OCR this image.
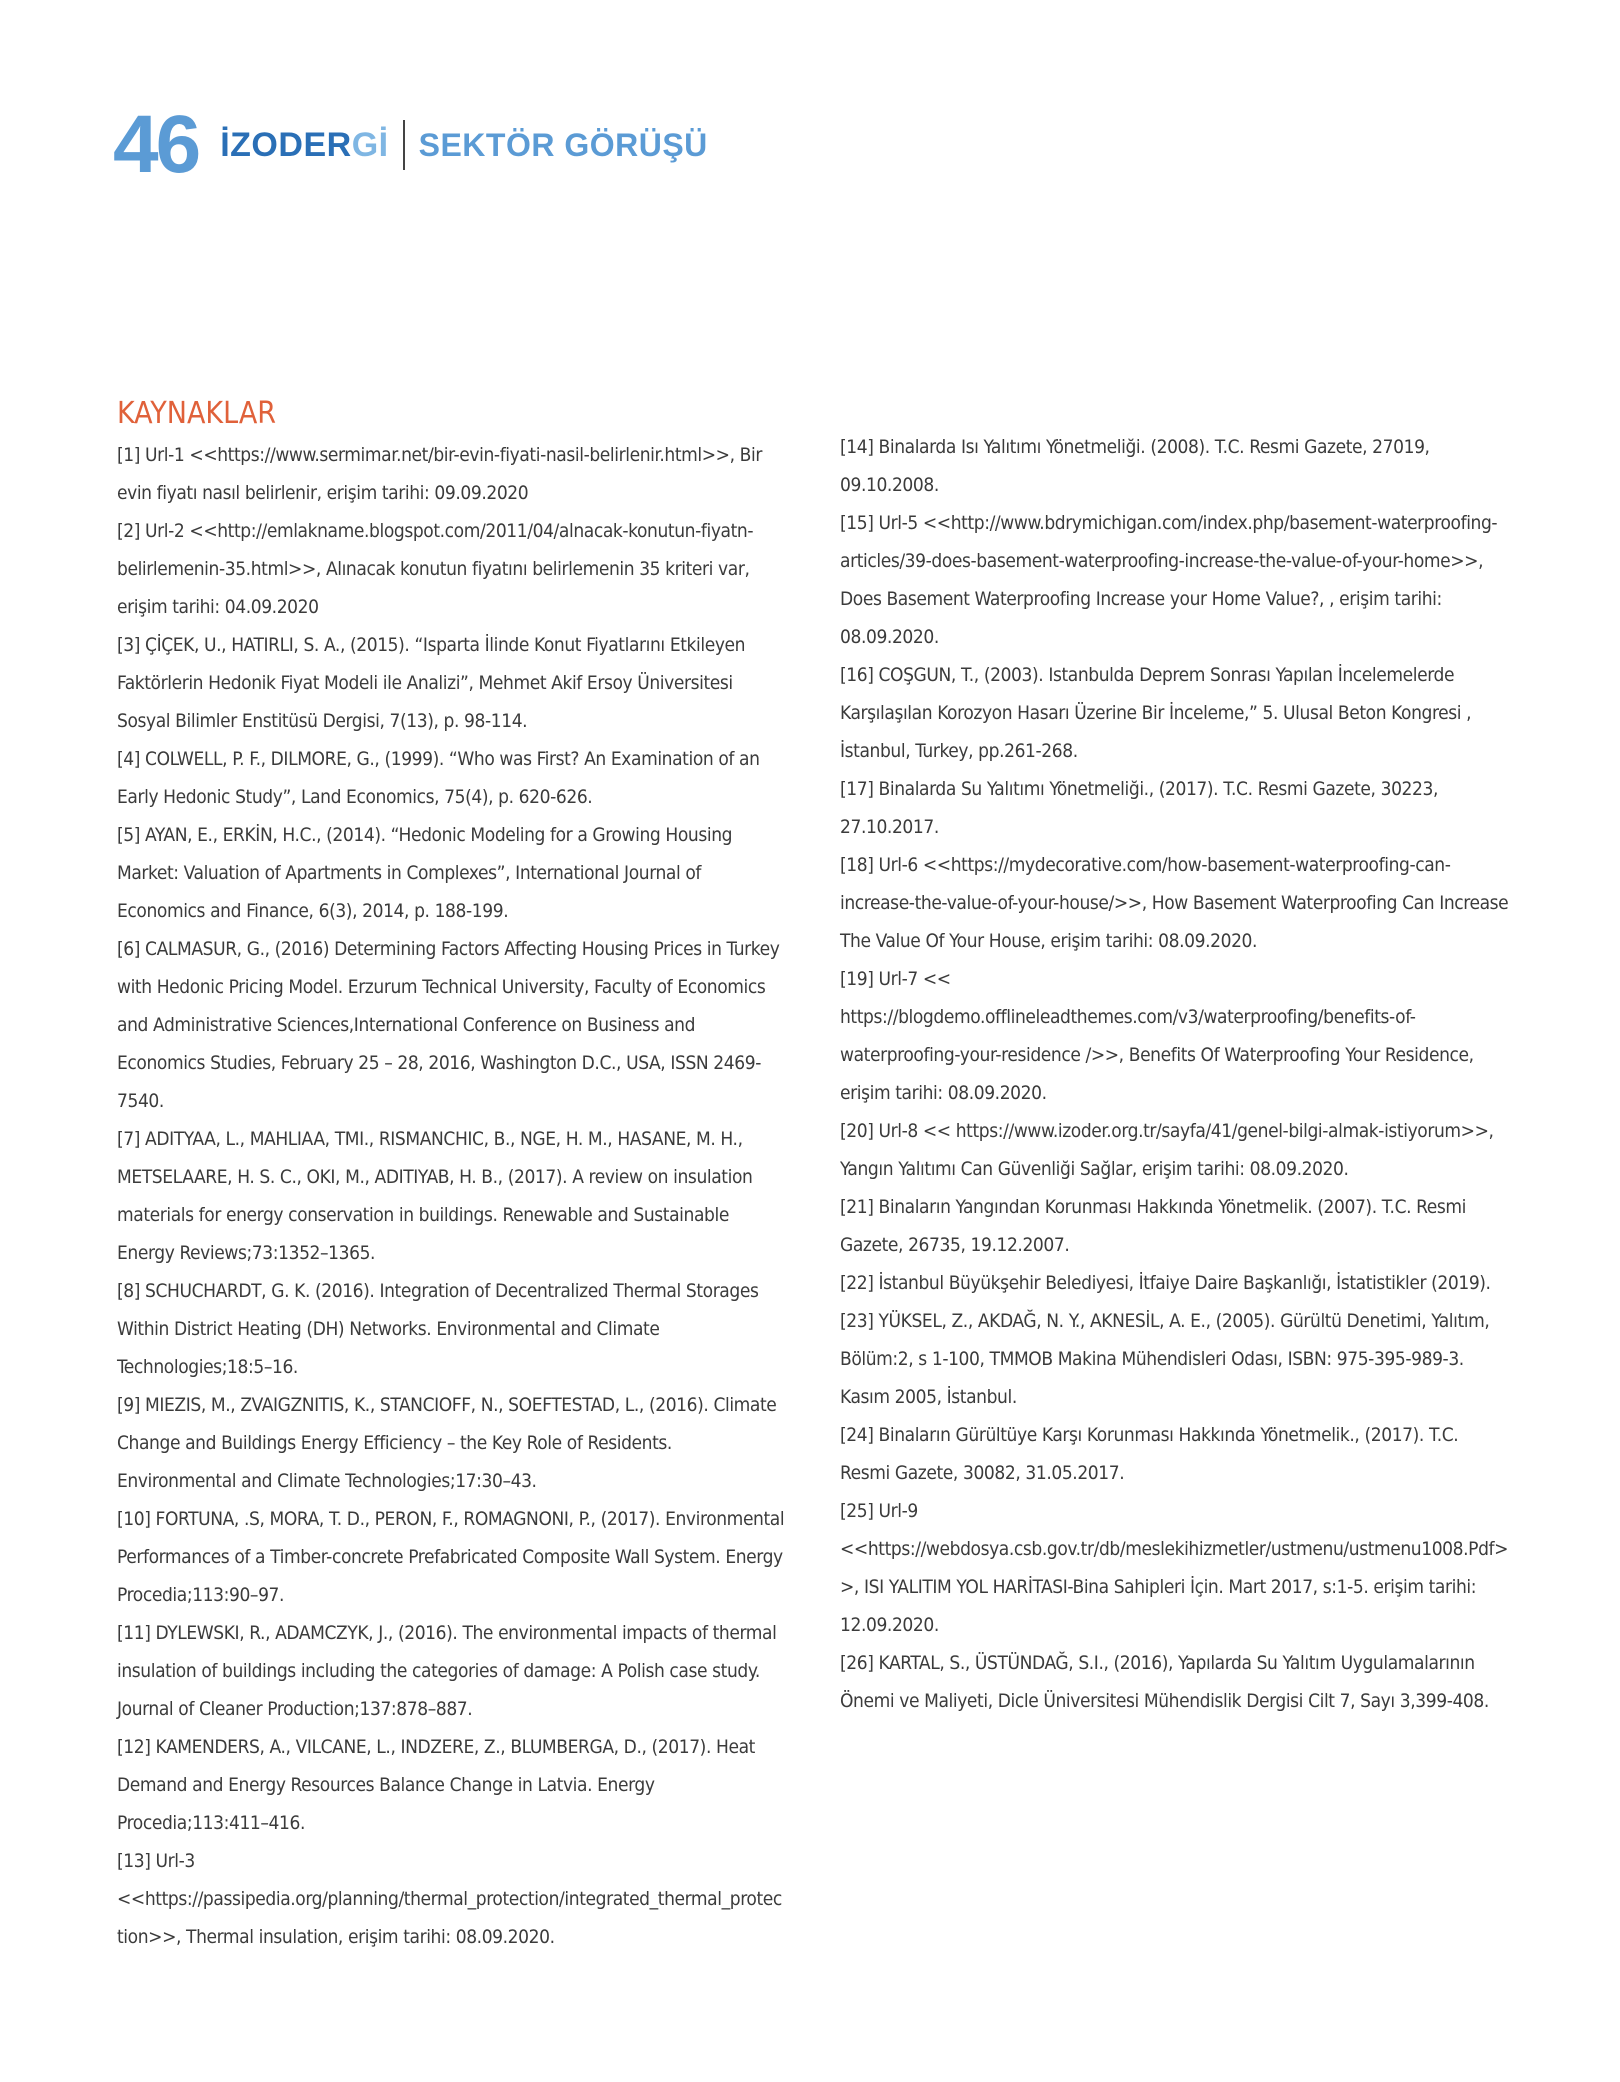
46 İZODERGİ SEKTÖR GÖRÜŞÜ
KAYNAKLAR

[1] Url-1 <<https://www.sermimar.net/bir-evin-fiyati-nasil-belirlenir.html>>, Bir evin fiyatı nasıl belirlenir, erişim tarihi: 09.09.2020

[2] Url-2 <<http://emlakname.blogspot.com/2011/04/alnacak-konutun-fiyatn-belirlemenin-35.html>>, Alınacak konutun fiyatını belirlemenin 35 kriteri var, erişim tarihi: 04.09.2020

[3] ÇİÇEK, U., HATIRLI, S. A., (2015). “Isparta İlinde Konut Fiyatlarını Etkileyen Faktörlerin Hedonik Fiyat Modeli ile Analizi”, Mehmet Akif Ersoy Üniversitesi Sosyal Bilimler Enstitüsü Dergisi, 7(13), p. 98-114.

[4] COLWELL, P. F., DILMORE, G., (1999). “Who was First? An Examination of an Early Hedonic Study”, Land Economics, 75(4), p. 620-626.

[5] AYAN, E., ERKİN, H.C., (2014). “Hedonic Modeling for a Growing Housing Market: Valuation of Apartments in Complexes”, International Journal of Economics and Finance, 6(3), 2014, p. 188-199.

[6] CALMASUR, G., (2016) Determining Factors Affecting Housing Prices in Turkey with Hedonic Pricing Model. Erzurum Technical University, Faculty of Economics and Administrative Sciences,International Conference on Business and Economics Studies, February 25 – 28, 2016, Washington D.C., USA, ISSN 2469-7540.

[7] ADITYAA, L., MAHLIAA, TMI., RISMANCHIC, B., NGE, H. M., HASANE, M. H., METSELAARE, H. S. C., OKI, M., ADITIYAB, H. B., (2017). A review on insulation materials for energy conservation in buildings. Renewable and Sustainable Energy Reviews;73:1352–1365.

[8] SCHUCHARDT, G. K. (2016). Integration of Decentralized Thermal Storages Within District Heating (DH) Networks. Environmental and Climate Technologies;18:5–16.

[9] MIEZIS, M., ZVAIGZNITIS, K., STANCIOFF, N., SOEFTESTAD, L., (2016). Climate Change and Buildings Energy Efficiency – the Key Role of Residents. Environmental and Climate Technologies;17:30–43.

[10] FORTUNA, .S, MORA, T. D., PERON, F., ROMAGNONI, P., (2017). Environmental Performances of a Timber-concrete Prefabricated Composite Wall System. Energy Procedia;113:90–97.

[11] DYLEWSKI, R., ADAMCZYK, J., (2016). The environmental impacts of thermal insulation of buildings including the categories of damage: A Polish case study. Journal of Cleaner Production;137:878–887.

[12] KAMENDERS, A., VILCANE, L., INDZERE, Z., BLUMBERGA, D., (2017). Heat Demand and Energy Resources Balance Change in Latvia. Energy Procedia;113:411–416.

[13] Url-3 <<https://passipedia.org/planning/thermal_protection/integrated_thermal_protection>>, Thermal insulation, erişim tarihi: 08.09.2020.

[14] Binalarda Isı Yalıtımı Yönetmeliği. (2008). T.C. Resmi Gazete, 27019, 09.10.2008.

[15] Url-5 <<http://www.bdrymichigan.com/index.php/basement-waterproofing-articles/39-does-basement-waterproofing-increase-the-value-of-your-home>>, Does Basement Waterproofing Increase your Home Value?, , erişim tarihi: 08.09.2020.

[16] COŞGUN, T., (2003). Istanbulda Deprem Sonrası Yapılan İncelemelerde Karşılaşılan Korozyon Hasarı Üzerine Bir İnceleme,” 5. Ulusal Beton Kongresi , İstanbul, Turkey, pp.261-268.

[17] Binalarda Su Yalıtımı Yönetmeliği., (2017). T.C. Resmi Gazete, 30223, 27.10.2017.

[18] Url-6 <<https://mydecorative.com/how-basement-waterproofing-can-increase-the-value-of-your-house/>>, How Basement Waterproofing Can Increase The Value Of Your House, erişim tarihi: 08.09.2020.

[19] Url-7 << https://blogdemo.offlineleadthemes.com/v3/waterproofing/benefits-of-waterproofing-your-residence />>, Benefits Of Waterproofing Your Residence, erişim tarihi: 08.09.2020.

[20] Url-8 << https://www.izoder.org.tr/sayfa/41/genel-bilgi-almak-istiyorum>>, Yangın Yalıtımı Can Güvenliği Sağlar, erişim tarihi: 08.09.2020.

[21] Binaların Yangından Korunması Hakkında Yönetmelik. (2007). T.C. Resmi Gazete, 26735, 19.12.2007.

[22] İstanbul Büyükşehir Belediyesi, İtfaiye Daire Başkanlığı, İstatistikler (2019).

[23] YÜKSEL, Z., AKDAĞ, N. Y., AKNESİL, A. E., (2005). Gürültü Denetimi, Yalıtım, Bölüm:2, s 1-100, TMMOB Makina Mühendisleri Odası, ISBN: 975-395-989-3. Kasım 2005, İstanbul.

[24] Binaların Gürültüye Karşı Korunması Hakkında Yönetmelik., (2017). T.C. Resmi Gazete, 30082, 31.05.2017.

[25] Url-9 <<https://webdosya.csb.gov.tr/db/meslekihizmetler/ustmenu/ustmenu1008.Pdf>>, ISI YALITIM YOL HARİTASI-Bina Sahipleri İçin. Mart 2017, s:1-5. erişim tarihi: 12.09.2020.

[26] KARTAL, S., ÜSTÜNDAĞ, S.I., (2016), Yapılarda Su Yalıtım Uygulamalarının Önemi ve Maliyeti, Dicle Üniversitesi Mühendislik Dergisi Cilt 7, Sayı 3,399-408.
